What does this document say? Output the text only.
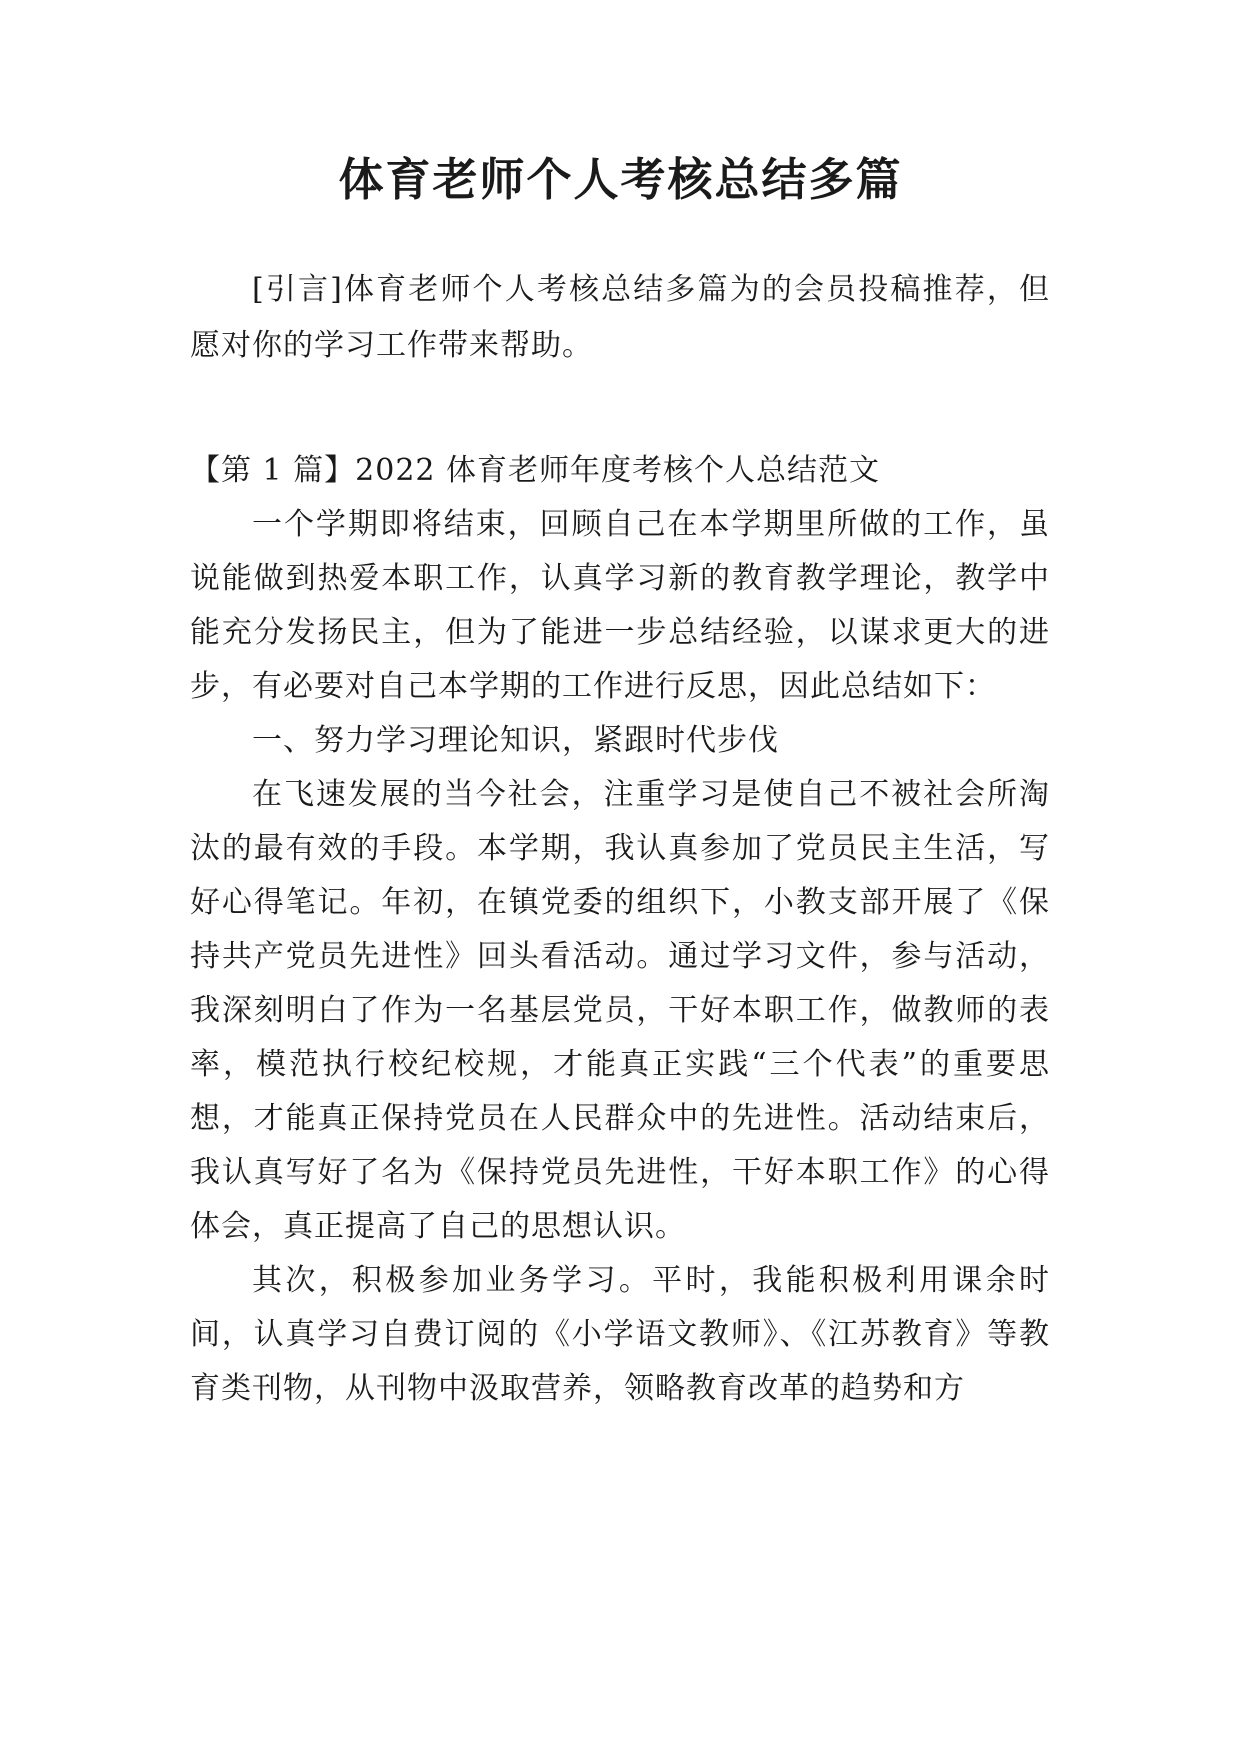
体育老师个人考核总结多篇

[引言]体育老师个人考核总结多篇为的会员投稿推荐，但愿对你的学习工作带来帮助。

【第 1 篇】2022 体育老师年度考核个人总结范文

一个学期即将结束，回顾自己在本学期里所做的工作，虽说能做到热爱本职工作，认真学习新的教育教学理论，教学中能充分发扬民主，但为了能进一步总结经验，以谋求更大的进步，有必要对自己本学期的工作进行反思，因此总结如下：

一、努力学习理论知识，紧跟时代步伐

在飞速发展的当今社会，注重学习是使自己不被社会所淘汰的最有效的手段。本学期，我认真参加了党员民主生活，写好心得笔记。年初，在镇党委的组织下，小教支部开展了《保持共产党员先进性》回头看活动。通过学习文件，参与活动，我深刻明白了作为一名基层党员，干好本职工作，做教师的表率，模范执行校纪校规，才能真正实践“三个代表”的重要思想，才能真正保持党员在人民群众中的先进性。活动结束后，我认真写好了名为《保持党员先进性，干好本职工作》的心得体会，真正提高了自己的思想认识。

其次，积极参加业务学习。平时，我能积极利用课余时间，认真学习自费订阅的《小学语文教师》、《江苏教育》等教育类刊物，从刊物中汲取营养，领略教育改革的趋势和方
